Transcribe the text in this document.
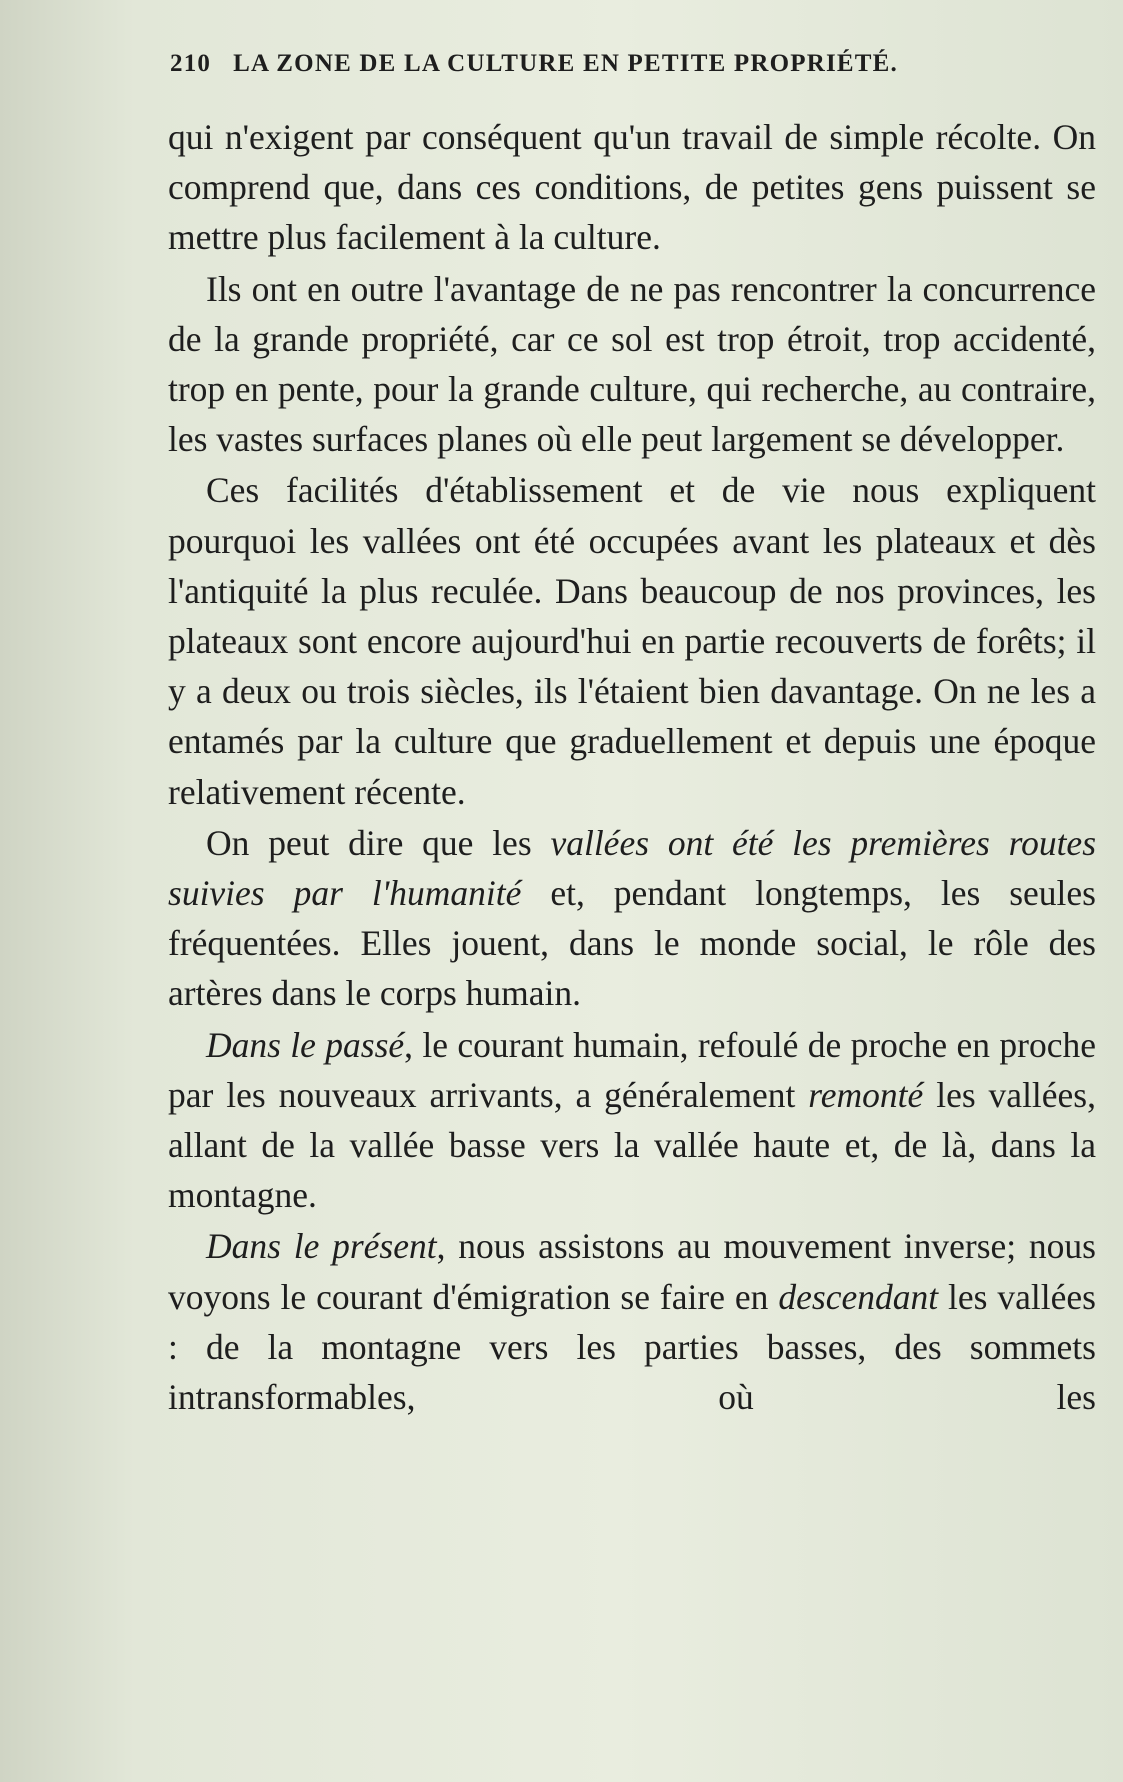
210 LA ZONE DE LA CULTURE EN PETITE PROPRIÉTÉ.

qui n'exigent par conséquent qu'un travail de simple récolte. On comprend que, dans ces conditions, de petites gens puissent se mettre plus facilement à la culture.

Ils ont en outre l'avantage de ne pas rencontrer la concurrence de la grande propriété, car ce sol est trop étroit, trop accidenté, trop en pente, pour la grande culture, qui recherche, au contraire, les vastes surfaces planes où elle peut largement se développer.

Ces facilités d'établissement et de vie nous expliquent pourquoi les vallées ont été occupées avant les plateaux et dès l'antiquité la plus reculée. Dans beaucoup de nos provinces, les plateaux sont encore aujourd'hui en partie recouverts de forêts; il y a deux ou trois siècles, ils l'étaient bien davantage. On ne les a entamés par la culture que graduellement et depuis une époque relativement récente.

On peut dire que les vallées ont été les premières routes suivies par l'humanité et, pendant longtemps, les seules fréquentées. Elles jouent, dans le monde social, le rôle des artères dans le corps humain.

Dans le passé, le courant humain, refoulé de proche en proche par les nouveaux arrivants, a généralement remonté les vallées, allant de la vallée basse vers la vallée haute et, de là, dans la montagne.

Dans le présent, nous assistons au mouvement inverse; nous voyons le courant d'émigration se faire en descendant les vallées : de la montagne vers les parties basses, des sommets intransformables, où les
